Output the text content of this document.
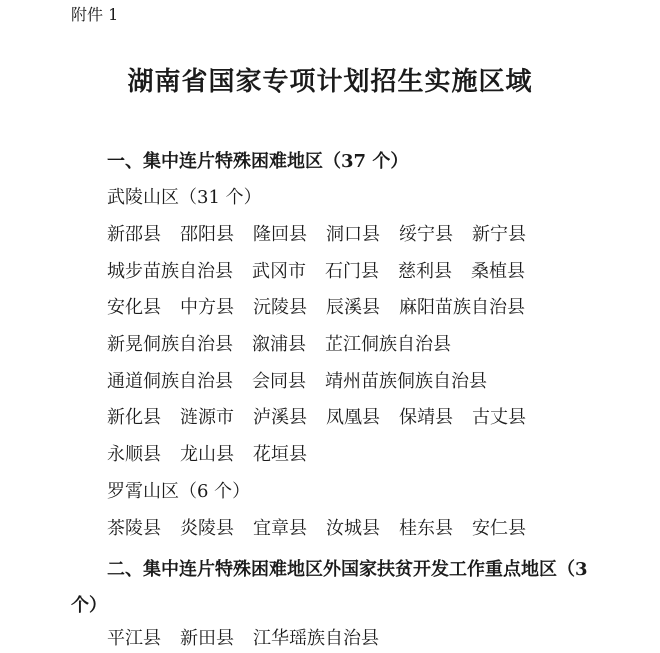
附件 1
湖南省国家专项计划招生实施区域
一、集中连片特殊困难地区（37 个）
武陵山区（31 个）
新邵县 邵阳县 隆回县 洞口县 绥宁县 新宁县
城步苗族自治县 武冈市 石门县 慈利县 桑植县
安化县 中方县 沅陵县 辰溪县 麻阳苗族自治县
新晃侗族自治县 溆浦县 芷江侗族自治县
通道侗族自治县 会同县 靖州苗族侗族自治县
新化县 涟源市 泸溪县 凤凰县 保靖县 古丈县
永顺县 龙山县 花垣县
罗霄山区（6 个）
茶陵县 炎陵县 宜章县 汝城县 桂东县 安仁县
二、集中连片特殊困难地区外国家扶贫开发工作重点地区（3 个）
平江县 新田县 江华瑶族自治县
